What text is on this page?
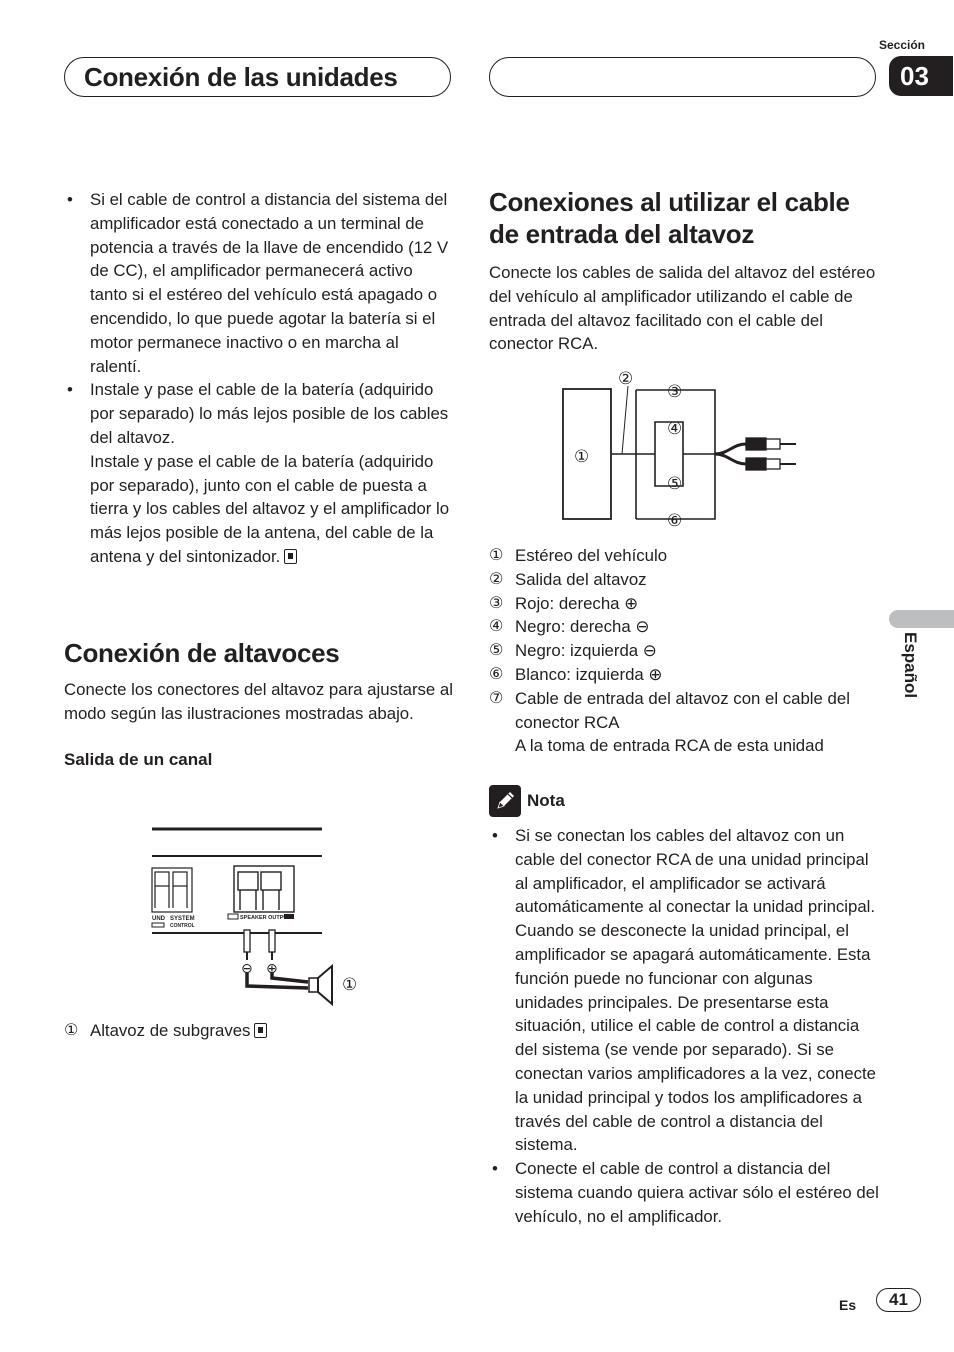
Conexión de las unidades
Sección
03
Español
• Si el cable de control a distancia del sistema del amplificador está conectado a un terminal de potencia a través de la llave de encendido (12 V de CC), el amplificador permanecerá activo tanto si el estéreo del vehículo está apagado o encendido, lo que puede agotar la batería si el motor permanece inactivo o en marcha al ralentí.

• Instale y pase el cable de la batería (adquirido por separado) lo más lejos posible de los cables del altavoz.

Instale y pase el cable de la batería (adquirido por separado), junto con el cable de puesta a tierra y los cables del altavoz y el amplificador lo más lejos posible de la antena, del cable de la antena y del sintonizador.

Conexión de altavoces

Conecte los conectores del altavoz para ajustarse al modo según las ilustraciones mostradas abajo.

Salida de un canal
UND SYSTEM
CONTROL
SPEAKER OUTPUT
⊖ ⊕
①
① Altavoz de subgraves
Conexiones al utilizar el cable de entrada del altavoz

Conecte los cables de salida del altavoz del estéreo del vehículo al amplificador utilizando el cable de entrada del altavoz facilitado con el cable del conector RCA.

①
②
③
④
⑤
⑥
① Estéreo del vehículo
② Salida del altavoz
③ Rojo: derecha ⊕
④ Negro: derecha ⊖
⑤ Negro: izquierda ⊖
⑥ Blanco: izquierda ⊕
⑦ Cable de entrada del altavoz con el cable del conector RCA
A la toma de entrada RCA de esta unidad
Nota
• Si se conectan los cables del altavoz con un cable del conector RCA de una unidad principal al amplificador, el amplificador se activará automáticamente al conectar la unidad principal. Cuando se desconecte la unidad principal, el amplificador se apagará automáticamente. Esta función puede no funcionar con algunas unidades principales. De presentarse esta situación, utilice el cable de control a distancia del sistema (se vende por separado). Si se conectan varios amplificadores a la vez, conecte la unidad principal y todos los amplificadores a través del cable de control a distancia del sistema.

• Conecte el cable de control a distancia del sistema cuando quiera activar sólo el estéreo del vehículo, no el amplificador.

Es	41
